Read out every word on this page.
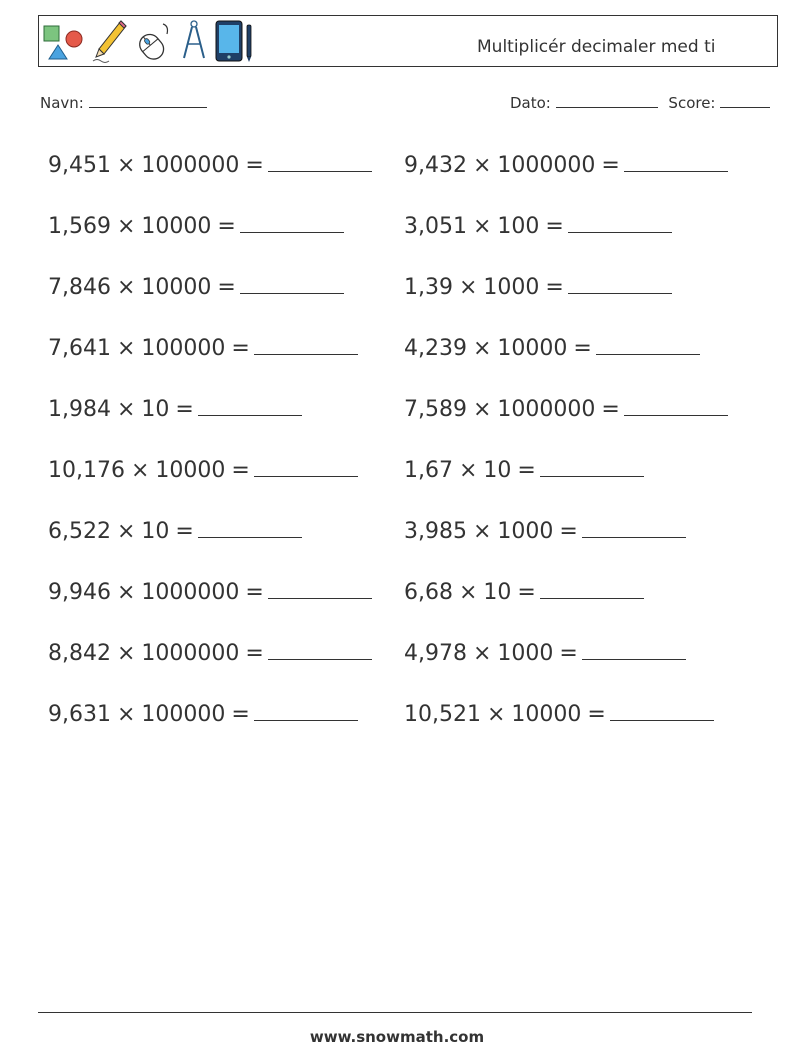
Multiplicér decimaler med ti
Navn:	Dato:	Score:
9,451 × 1000000 =
1,569 × 10000 =
7,846 × 10000 =
7,641 × 100000 =
1,984 × 10 =
10,176 × 10000 =
6,522 × 10 =
9,946 × 1000000 =
8,842 × 1000000 =
9,631 × 100000 =
9,432 × 1000000 =
3,051 × 100 =
1,39 × 1000 =
4,239 × 10000 =
7,589 × 1000000 =
1,67 × 10 =
3,985 × 1000 =
6,68 × 10 =
4,978 × 1000 =
10,521 × 10000 =
www.snowmath.com
